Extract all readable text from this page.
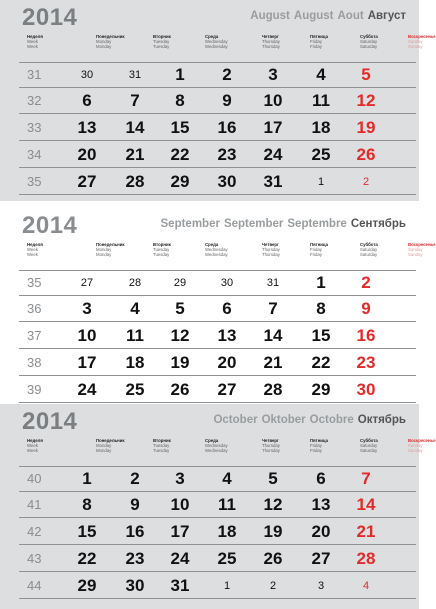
2014	August August Aout Август
Неделя
Week
Week
Понедельник
Monday
Monday
Вторник
Tuesday
Tuesday
Среда
Wednesday
Wednesday
Четверг
Thursday
Thursday
Пятница
Friday
Friday
Суббота
Saturday
Saturday
Воскресенье
Sunday
Sunday
31	30	31	1	2	3	4	5
32	6	7	8	9	10	11	12
33	13	14	15	16	17	18	19
34	20	21	22	23	24	25	26
35	27	28	29	30	31	1	2
2014	September September Septembre Сентябрь
Неделя
Week
Week
Понедельник
Monday
Monday
Вторник
Tuesday
Tuesday
Среда
Wednesday
Wednesday
Четверг
Thursday
Thursday
Пятница
Friday
Friday
Суббота
Saturday
Saturday
Воскресенье
Sunday
Sunday
35	27	28	29	30	31	1	2
36	3	4	5	6	7	8	9
37	10	11	12	13	14	15	16
38	17	18	19	20	21	22	23
39	24	25	26	27	28	29	30
2014	October Oktober Octobre Октябрь
Неделя
Week
Week
Понедельник
Monday
Monday
Вторник
Tuesday
Tuesday
Среда
Wednesday
Wednesday
Четверг
Thursday
Thursday
Пятница
Friday
Friday
Суббота
Saturday
Saturday
Воскресенье
Sunday
Sunday
40	1	2	3	4	5	6	7
41	8	9	10	11	12	13	14
42	15	16	17	18	19	20	21
43	22	23	24	25	26	27	28
44	29	30	31	1	2	3	4
